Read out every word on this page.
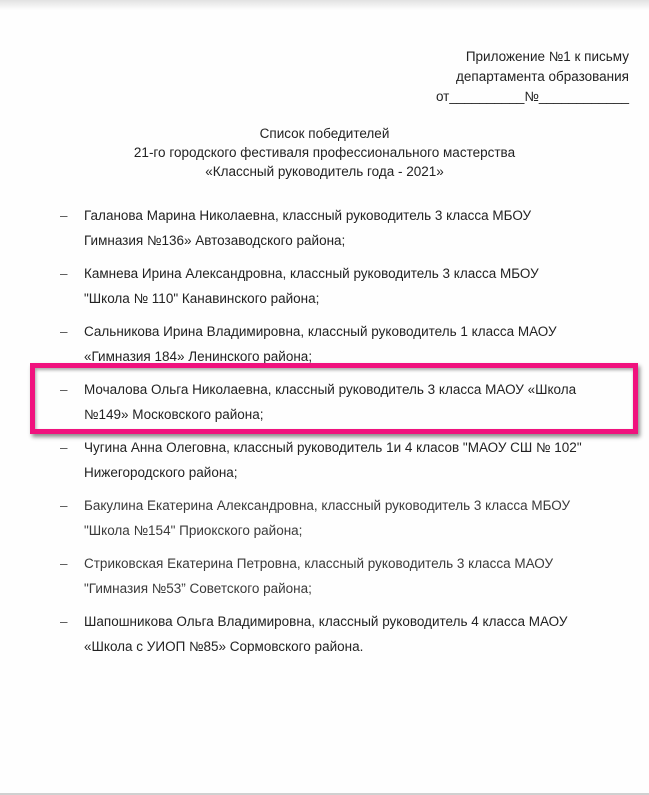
Приложение №1 к письму
департамента образования
от__________№____________
Список победителей
21-го городского фестиваля профессионального мастерства
«Классный руководитель года - 2021»
– Галанова Марина Николаевна, классный руководитель 3 класса МБОУ
Гимназия №136» Автозаводского района;
– Камнева Ирина Александровна, классный руководитель 3 класса МБОУ
"Школа № 110" Канавинского района;
– Сальникова Ирина Владимировна, классный руководитель 1 класса МАОУ
«Гимназия 184» Ленинского района;
– Мочалова Ольга Николаевна, классный руководитель 3 класса МАОУ «Школа
№149» Московского района;
– Чугина Анна Олеговна, классный руководитель 1и 4 класов "МАОУ СШ № 102"
Нижегородского района;
– Бакулина Екатерина Александровна, классный руководитель 3 класса МБОУ
"Школа №154" Приокского района;
– Стриковская Екатерина Петровна, классный руководитель 3 класса МАОУ
"Гимназия №53” Советского района;
– Шапошникова Ольга Владимировна, классный руководитель 4 класса МАОУ
«Школа с УИОП №85» Сормовского района.
